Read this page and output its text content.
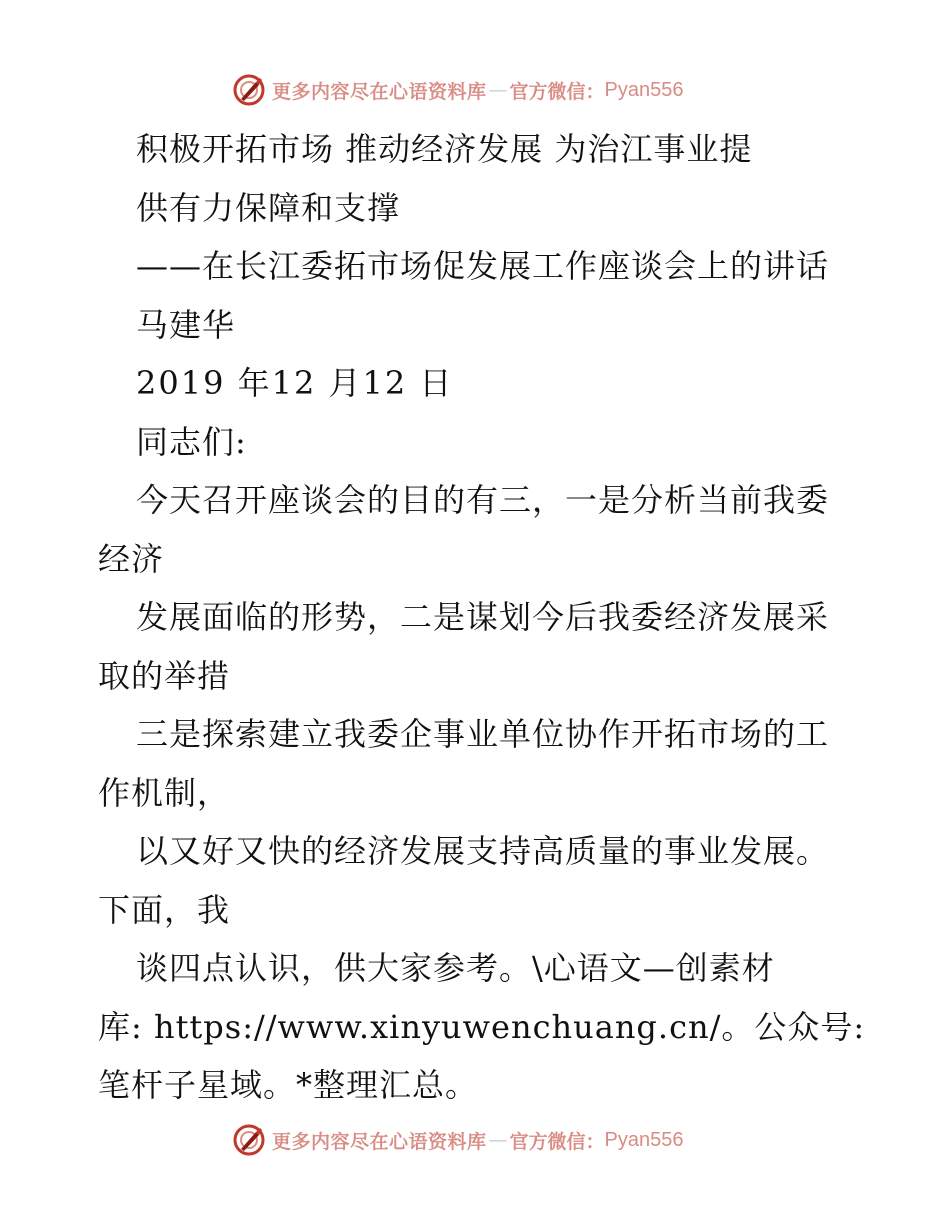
更多内容尽在心语资料库 — 官方微信： Pyan556
积极开拓市场 推动经济发展 为治江事业提
供有力保障和支撑
——在长江委拓市场促发展工作座谈会上的讲话
马建华
2019 年12 月12 日
同志们:
今天召开座谈会的目的有三，一是分析当前我委
经济
发展面临的形势，二是谋划今后我委经济发展采
取的举措
三是探索建立我委企事业单位协作开拓市场的工
作机制，
以又好又快的经济发展支持高质量的事业发展。
下面，我
谈四点认识，供大家参考。\心语文—创素材
库: https://www.xinyuwenchuang.cn/。公众号:
笔杆子星域。*整理汇总。
更多内容尽在心语资料库 — 官方微信： Pyan556
